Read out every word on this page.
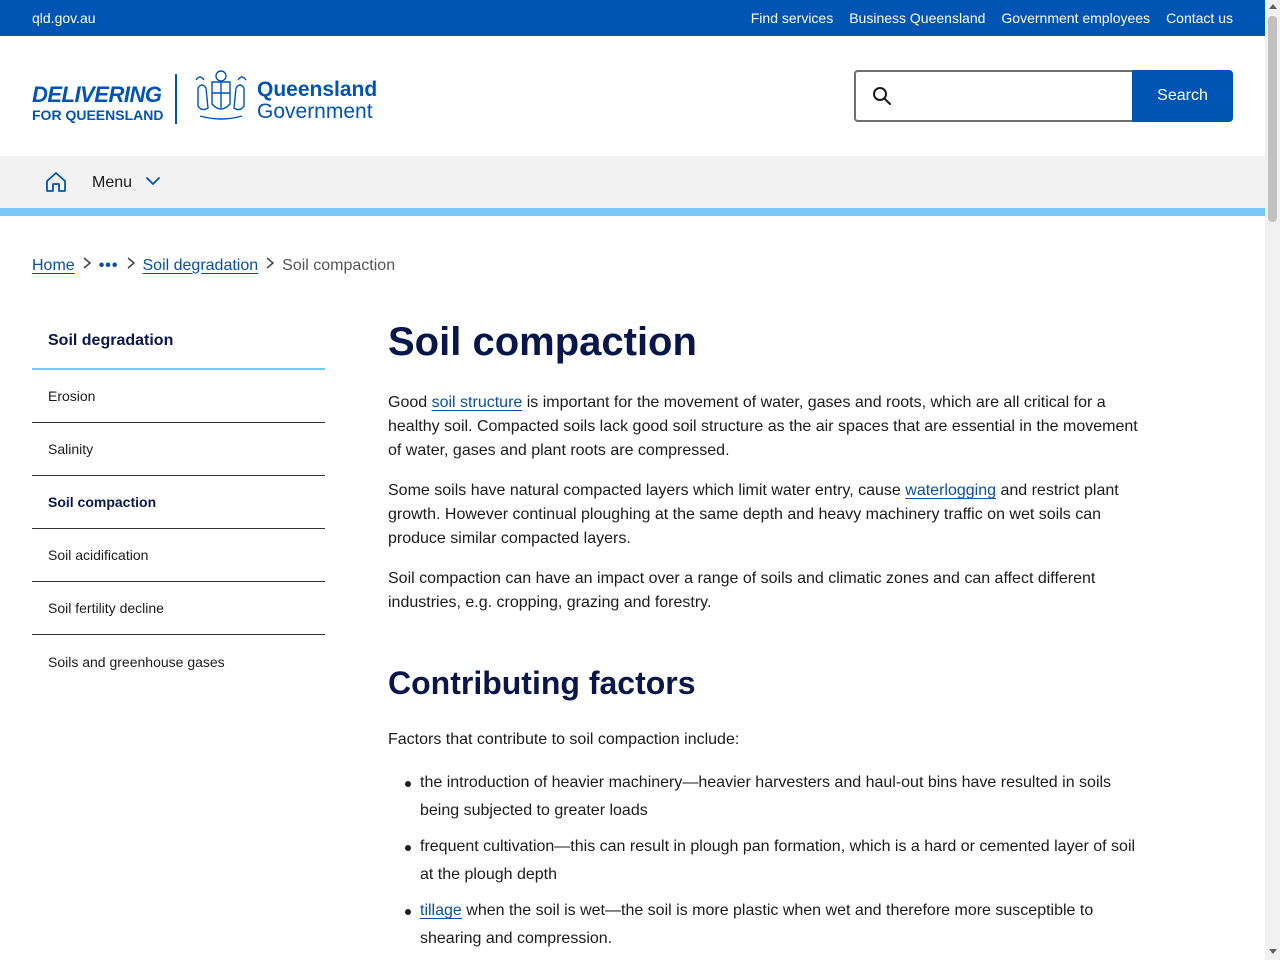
qld.gov.au	Find services Business Queensland Government employees Contact us
DELIVERING
FOR QUEENSLAND
Queensland
Government
Search
Menu
Home ••• Soil degradation Soil compaction
Soil degradation
Erosion
Salinity
Soil compaction
Soil acidification
Soil fertility decline
Soils and greenhouse gases
Soil compaction

Good soil structure is important for the movement of water, gases and roots, which are all critical for a healthy soil. Compacted soils lack good soil structure as the air spaces that are essential in the movement of water, gases and plant roots are compressed.

Some soils have natural compacted layers which limit water entry, cause waterlogging and restrict plant growth. However continual ploughing at the same depth and heavy machinery traffic on wet soils can produce similar compacted layers.

Soil compaction can have an impact over a range of soils and climatic zones and can affect different industries, e.g. cropping, grazing and forestry.

Contributing factors

Factors that contribute to soil compaction include:

the introduction of heavier machinery—heavier harvesters and haul-out bins have resulted in soils being subjected to greater loads
frequent cultivation—this can result in plough pan formation, which is a hard or cemented layer of soil at the plough depth
tillage when the soil is wet—the soil is more plastic when wet and therefore more susceptible to shearing and compression.
